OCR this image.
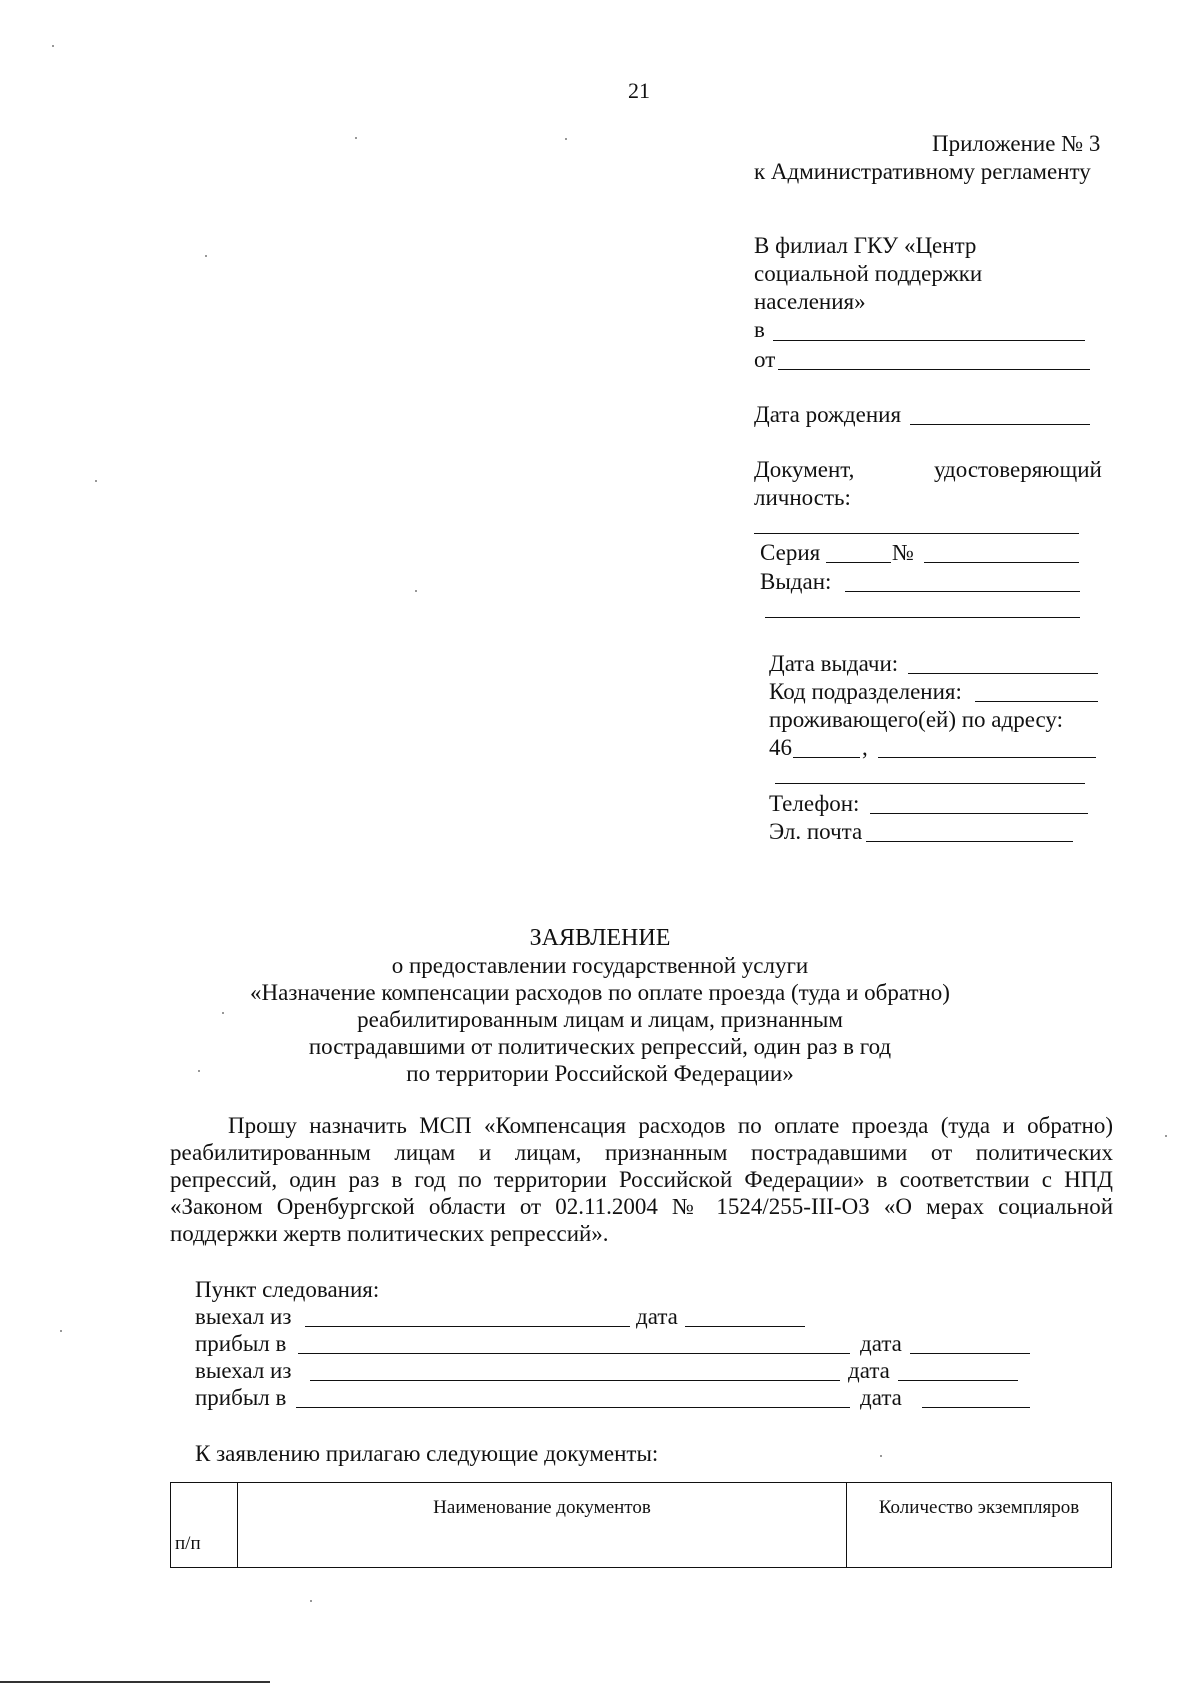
21
Приложение № 3
к Административному регламенту
В филиал ГКУ «Центр
социальной поддержки
населения»
в
от
Дата рождения
Документ,	удостоверяющий
личность:
Серия	№
Выдан:
Дата выдачи:
Код подразделения:
проживающего(ей) по адресу:
46	,
Телефон:
Эл. почта
ЗАЯВЛЕНИЕ
о предоставлении государственной услуги
«Назначение компенсации расходов по оплате проезда (туда и обратно)
реабилитированным лицам и лицам, признанным
пострадавшими от политических репрессий, один раз в год
по территории Российской Федерации»
Прошу назначить МСП «Компенсация расходов по оплате проезда (туда и обратно)
реабилитированным лицам и лицам, признанным пострадавшими от политических
репрессий, один раз в год по территории Российской Федерации» в соответствии с НПД
«Законом Оренбургской области от 02.11.2004 № 1524/255-III-ОЗ «О мерах социальной
поддержки жертв политических репрессий».
Пункт следования:
выехал из	дата
прибыл в	дата
выехал из	дата
прибыл в	дата
К заявлению прилагаю следующие документы:
п/п	Наименование документов	Количество экземпляров
